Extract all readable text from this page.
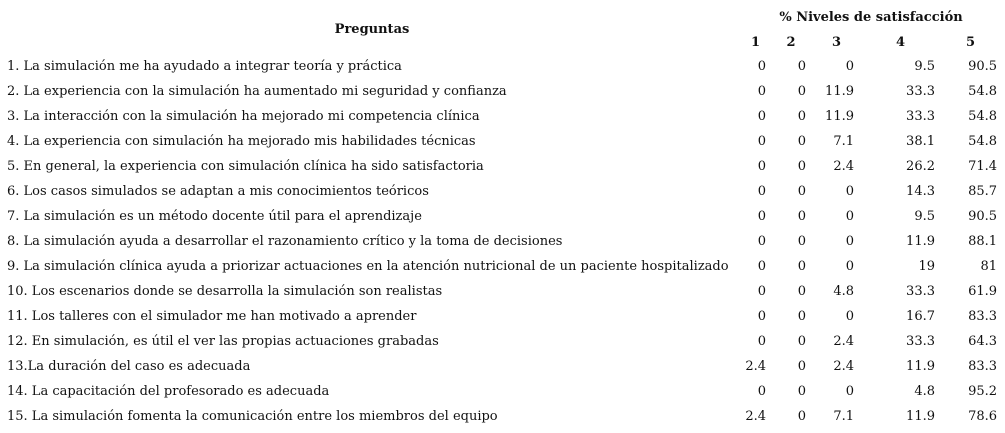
Preguntas	% Niveles de satisfacción				
	1	2	3	4	5
1. La simulación me ha ayudado a integrar teoría y práctica	0	0	0	9.5	90.5
2. La experiencia con la simulación ha aumentado mi seguridad y confianza	0	0	11.9	33.3	54.8
3. La interacción con la simulación ha mejorado mi competencia clínica	0	0	11.9	33.3	54.8
4. La experiencia con simulación ha mejorado mis habilidades técnicas	0	0	7.1	38.1	54.8
5. En general, la experiencia con simulación clínica ha sido satisfactoria	0	0	2.4	26.2	71.4
6. Los casos simulados se adaptan a mis conocimientos teóricos	0	0	0	14.3	85.7
7. La simulación es un método docente útil para el aprendizaje	0	0	0	9.5	90.5
8. La simulación ayuda a desarrollar el razonamiento crítico y la toma de decisiones	0	0	0	11.9	88.1
9. La simulación clínica ayuda a priorizar actuaciones en la atención nutricional de un paciente hospitalizado	0	0	0	19	81
10. Los escenarios donde se desarrolla la simulación son realistas	0	0	4.8	33.3	61.9
11. Los talleres con el simulador me han motivado a aprender	0	0	0	16.7	83.3
12. En simulación, es útil el ver las propias actuaciones grabadas	0	0	2.4	33.3	64.3
13.La duración del caso es adecuada	2.4	0	2.4	11.9	83.3
14. La capacitación del profesorado es adecuada	0	0	0	4.8	95.2
15. La simulación fomenta la comunicación entre los miembros del equipo	2.4	0	7.1	11.9	78.6
